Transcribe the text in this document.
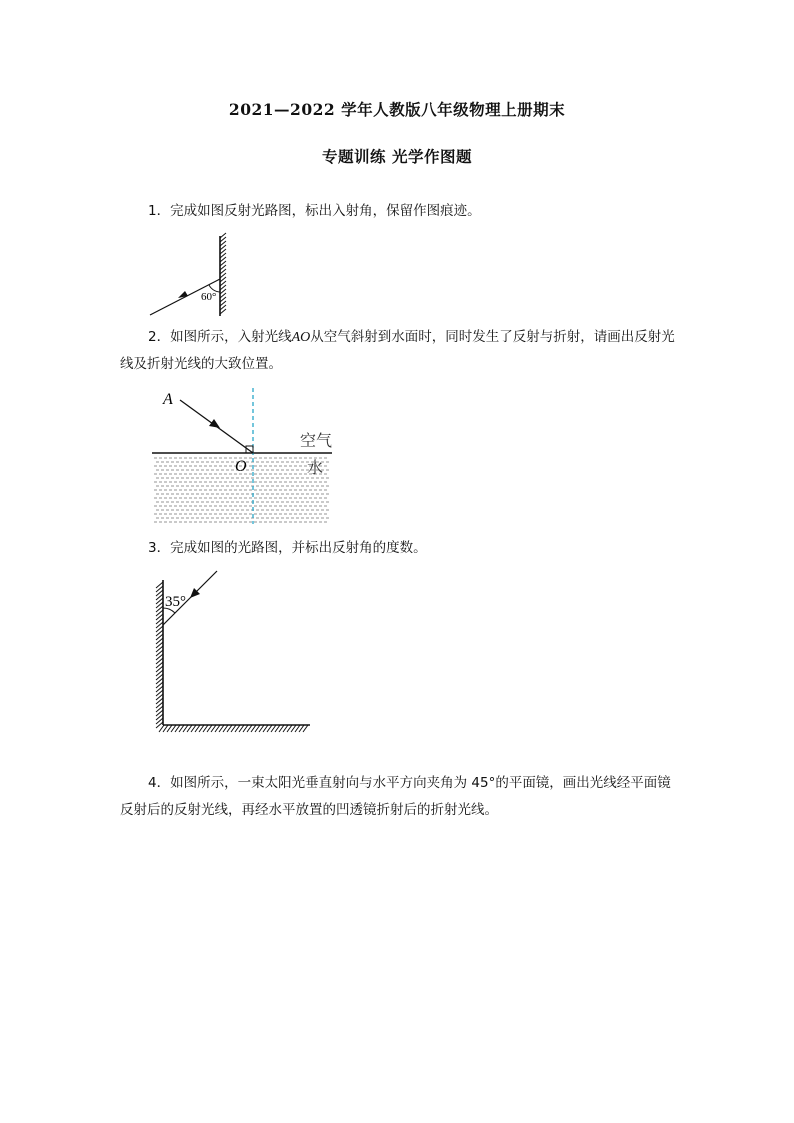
2021—2022 学年人教版八年级物理上册期末
专题训练 光学作图题
1．完成如图反射光路图，标出入射角，保留作图痕迹。
60°
2．如图所示，入射光线AO从空气斜射到水面时，同时发生了反射与折射，请画出反射光线及折射光线的大致位置。
A
O
空气
水
3．完成如图的光路图，并标出反射角的度数。
35°
4．如图所示，一束太阳光垂直射向与水平方向夹角为 45°的平面镜，画出光线经平面镜反射后的反射光线，再经水平放置的凹透镜折射后的折射光线。
